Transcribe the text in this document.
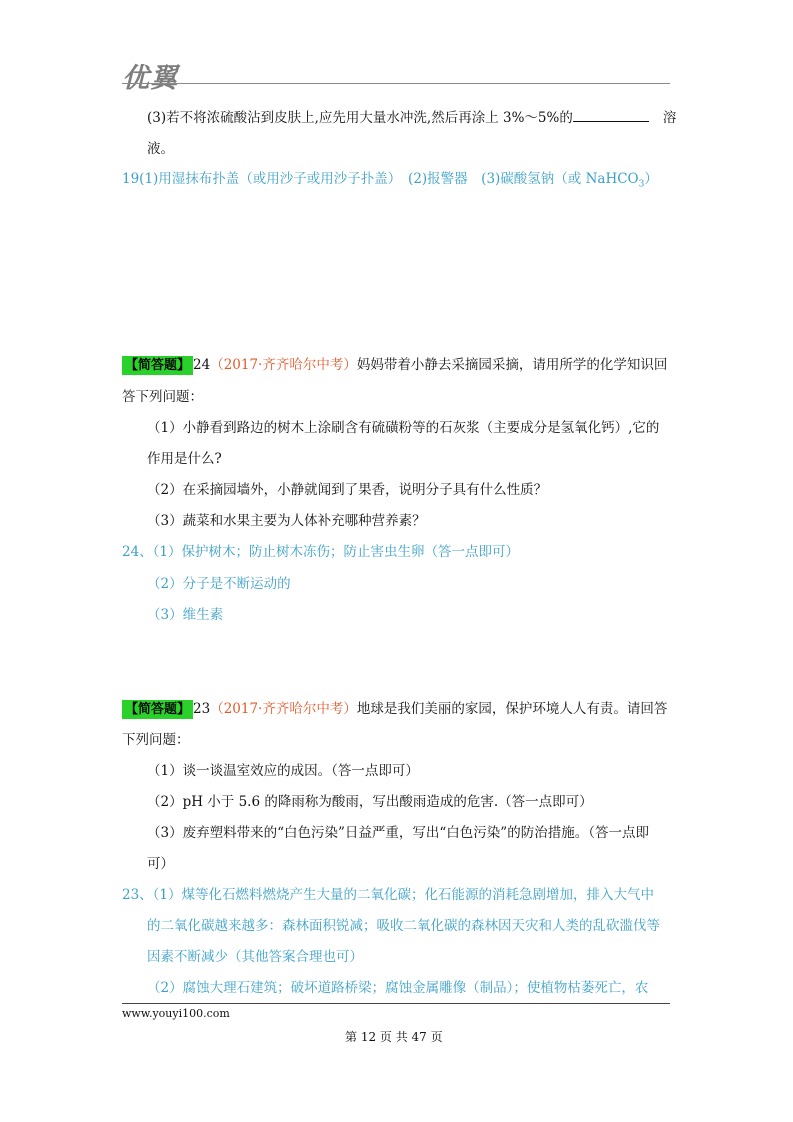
优翼
(3)若不将浓硫酸沾到皮肤上,应先用大量水冲洗,然后再涂上 3%～5%的	溶
液。
19(1)用湿抹布扑盖（或用沙子或用沙子扑盖）　(2)报警器　(3)碳酸氢钠（或 NaHCO$_3$）
【简答题】 24（2017·齐齐哈尔中考）妈妈带着小静去采摘园采摘，请用所学的化学知识回
答下列问题：
（1）小静看到路边的树木上涂刷含有硫磺粉等的石灰浆（主要成分是氢氧化钙）,它的
作用是什么?
（2）在采摘园墙外，小静就闻到了果香，说明分子具有什么性质？
（3）蔬菜和水果主要为人体补充哪种营养素？
24、（1）保护树木；防止树木冻伤；防止害虫生卵（答一点即可）
（2）分子是不断运动的
（3）维生素
【简答题】 23（2017·齐齐哈尔中考）地球是我们美丽的家园，保护环境人人有责。请回答
下列问题：
（1）谈一谈温室效应的成因。（答一点即可）
（2）pH 小于 5.6 的降雨称为酸雨，写出酸雨造成的危害.（答一点即可）
（3）废弃塑料带来的“白色污染”日益严重，写出“白色污染”的防治措施。（答一点即
可）
23、（1）煤等化石燃料燃烧产生大量的二氧化碳；化石能源的消耗急剧增加，排入大气中
的二氧化碳越来越多：森林面积锐减；吸收二氧化碳的森林因天灾和人类的乱砍滥伐等
因素不断减少（其他答案合理也可）
（2）腐蚀大理石建筑；破坏道路桥梁；腐蚀金属雕像（制品）；使植物枯萎死亡，农
www.youyi100.com
第 12 页 共 47 页
